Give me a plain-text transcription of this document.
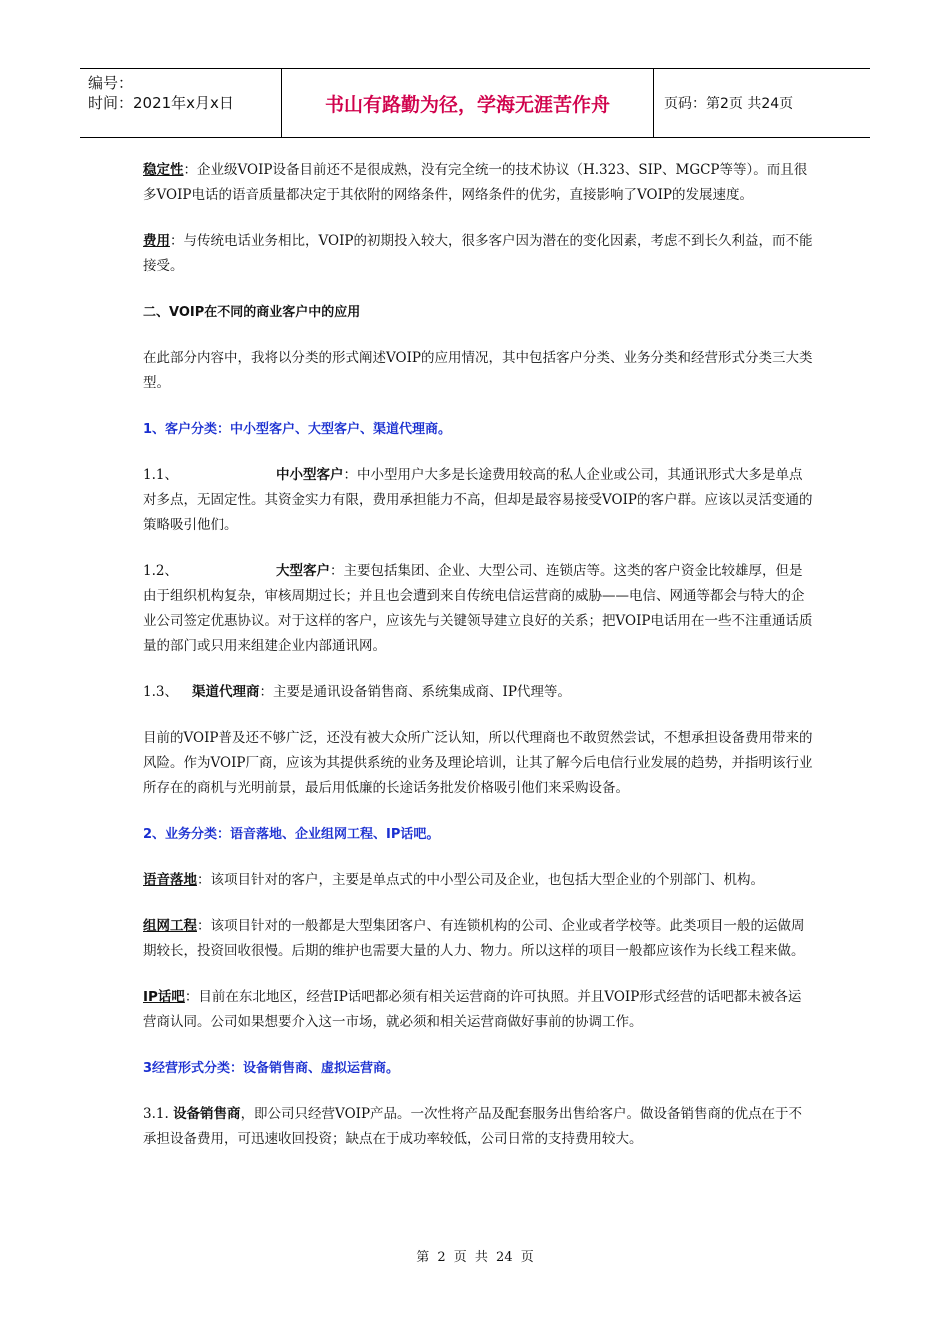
编号：
时间：2021年x月x日	书山有路勤为径，学海无涯苦作舟	页码：第2页 共24页

稳定性：企业级VOIP设备目前还不是很成熟，没有完全统一的技术协议（H.323、SIP、MGCP等等）。而且很多VOIP电话的语音质量都决定于其依附的网络条件，网络条件的优劣，直接影响了VOIP的发展速度。

费用：与传统电话业务相比，VOIP的初期投入较大，很多客户因为潜在的变化因素，考虑不到长久利益，而不能接受。

二、VOIP在不同的商业客户中的应用

在此部分内容中，我将以分类的形式阐述VOIP的应用情况，其中包括客户分类、业务分类和经营形式分类三大类型。

1、客户分类：中小型客户、大型客户、渠道代理商。

1.1、	中小型客户：中小型用户大多是长途费用较高的私人企业或公司，其通讯形式大多是单点对多点，无固定性。其资金实力有限，费用承担能力不高，但却是最容易接受VOIP的客户群。应该以灵活变通的策略吸引他们。

1.2、	大型客户：主要包括集团、企业、大型公司、连锁店等。这类的客户资金比较雄厚，但是由于组织机构复杂，审核周期过长；并且也会遭到来自传统电信运营商的威胁——电信、网通等都会与特大的企业公司签定优惠协议。对于这样的客户，应该先与关键领导建立良好的关系；把VOIP电话用在一些不注重通话质量的部门或只用来组建企业内部通讯网。

1.3、 渠道代理商：主要是通讯设备销售商、系统集成商、IP代理等。

目前的VOIP普及还不够广泛，还没有被大众所广泛认知，所以代理商也不敢贸然尝试，不想承担设备费用带来的风险。作为VOIP厂商，应该为其提供系统的业务及理论培训，让其了解今后电信行业发展的趋势，并指明该行业所存在的商机与光明前景，最后用低廉的长途话务批发价格吸引他们来采购设备。

2、业务分类：语音落地、企业组网工程、IP话吧。

语音落地：该项目针对的客户，主要是单点式的中小型公司及企业，也包括大型企业的个别部门、机构。

组网工程：该项目针对的一般都是大型集团客户、有连锁机构的公司、企业或者学校等。此类项目一般的运做周期较长，投资回收很慢。后期的维护也需要大量的人力、物力。所以这样的项目一般都应该作为长线工程来做。

IP话吧：目前在东北地区，经营IP话吧都必须有相关运营商的许可执照。并且VOIP形式经营的话吧都未被各运营商认同。公司如果想要介入这一市场，就必须和相关运营商做好事前的协调工作。

3经营形式分类：设备销售商、虚拟运营商。

3.1. 设备销售商，即公司只经营VOIP产品。一次性将产品及配套服务出售给客户。做设备销售商的优点在于不承担设备费用，可迅速收回投资；缺点在于成功率较低，公司日常的支持费用较大。

第 2 页 共 24 页
